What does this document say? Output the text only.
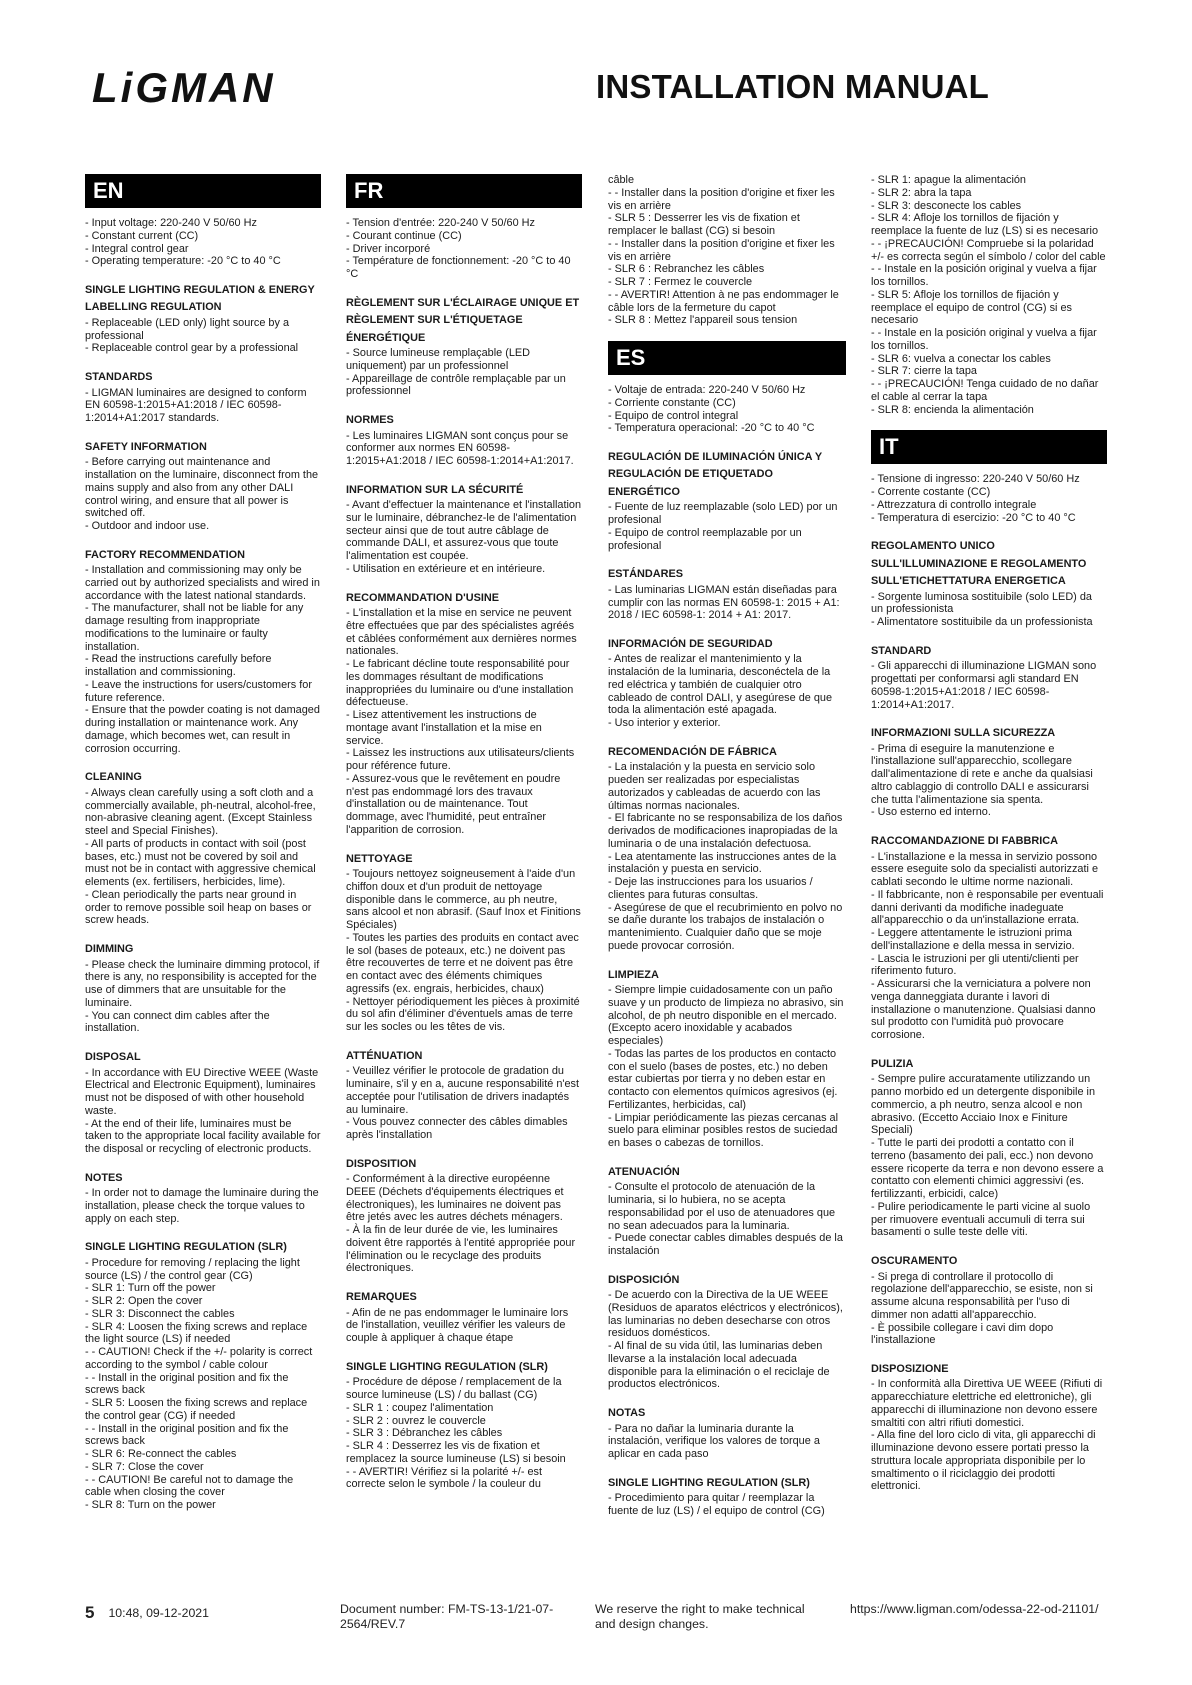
LiGMAN	INSTALLATION MANUAL
EN
- Input voltage: 220-240 V 50/60 Hz
- Constant current (CC)
- Integral control gear
- Operating temperature: -20 °C to 40 °C
SINGLE LIGHTING REGULATION & ENERGY LABELLING REGULATION
- Replaceable (LED only) light source by a professional
- Replaceable control gear by a professional
STANDARDS
- LIGMAN luminaires are designed to conform EN 60598-1:2015+A1:2018 / IEC 60598-1:2014+A1:2017 standards.
SAFETY INFORMATION
- Before carrying out maintenance and installation on the luminaire, disconnect from the mains supply and also from any other DALI control wiring, and ensure that all power is switched off.
- Outdoor and indoor use.
FACTORY RECOMMENDATION
- Installation and commissioning may only be carried out by authorized specialists and wired in accordance with the latest national standards.
- The manufacturer, shall not be liable for any damage resulting from inappropriate modifications to the luminaire or faulty installation.
- Read the instructions carefully before installation and commissioning.
- Leave the instructions for users/customers for future reference.
- Ensure that the powder coating is not damaged during installation or maintenance work. Any damage, which becomes wet, can result in corrosion occurring.
CLEANING
- Always clean carefully using a soft cloth and a commercially available, ph-neutral, alcohol-free, non-abrasive cleaning agent. (Except Stainless steel and Special Finishes).
- All parts of products in contact with soil (post bases, etc.) must not be covered by soil and must not be in contact with aggressive chemical elements (ex. fertilisers, herbicides, lime).
- Clean periodically the parts near ground in order to remove possible soil heap on bases or screw heads.
DIMMING
- Please check the luminaire dimming protocol, if there is any, no responsibility is accepted for the use of dimmers that are unsuitable for the luminaire.
- You can connect dim cables after the installation.
DISPOSAL
- In accordance with EU Directive WEEE (Waste Electrical and Electronic Equipment), luminaires must not be disposed of with other household waste.
- At the end of their life, luminaires must be taken to the appropriate local facility available for the disposal or recycling of electronic products.
NOTES
- In order not to damage the luminaire during the installation, please check the torque values to apply on each step.
SINGLE LIGHTING REGULATION (SLR)
- Procedure for removing / replacing the light source (LS) / the control gear (CG)
- SLR 1: Turn off the power
- SLR 2: Open the cover
- SLR 3: Disconnect the cables
- SLR 4: Loosen the fixing screws and replace the light source (LS) if needed
- - CAUTION! Check if the +/- polarity is correct according to the symbol / cable colour
- - Install in the original position and fix the screws back
- SLR 5: Loosen the fixing screws and replace the control gear (CG) if needed
- - Install in the original position and fix the screws back
- SLR 6: Re-connect the cables
- SLR 7: Close the cover
- - CAUTION! Be careful not to damage the cable when closing the cover
- SLR 8: Turn on the power
FR
- Tension d'entrée: 220-240 V 50/60 Hz
- Courant continue (CC)
- Driver incorporé
- Température de fonctionnement: -20 °C to 40 °C
RÈGLEMENT SUR L'ÉCLAIRAGE UNIQUE ET RÈGLEMENT SUR L'ÉTIQUETAGE ÉNERGÉTIQUE
- Source lumineuse remplaçable (LED uniquement) par un professionnel
- Appareillage de contrôle remplaçable par un professionnel
NORMES
- Les luminaires LIGMAN sont conçus pour se conformer aux normes EN 60598-1:2015+A1:2018 / IEC 60598-1:2014+A1:2017.
INFORMATION SUR LA SÉCURITÉ
- Avant d'effectuer la maintenance et l'installation sur le luminaire, débranchez-le de l'alimentation secteur ainsi que de tout autre câblage de commande DALI, et assurez-vous que toute l'alimentation est coupée.
- Utilisation en extérieure et en intérieure.
RECOMMANDATION D'USINE
- L'installation et la mise en service ne peuvent être effectuées que par des spécialistes agréés et câblées conformément aux dernières normes nationales.
- Le fabricant décline toute responsabilité pour les dommages résultant de modifications inappropriées du luminaire ou d'une installation défectueuse.
- Lisez attentivement les instructions de montage avant l'installation et la mise en service.
- Laissez les instructions aux utilisateurs/clients pour référence future.
- Assurez-vous que le revêtement en poudre n'est pas endommagé lors des travaux d'installation ou de maintenance. Tout dommage, avec l'humidité, peut entraîner l'apparition de corrosion.
NETTOYAGE
- Toujours nettoyez soigneusement à l'aide d'un chiffon doux et d'un produit de nettoyage disponible dans le commerce, au ph neutre, sans alcool et non abrasif. (Sauf Inox et Finitions Spéciales)
- Toutes les parties des produits en contact avec le sol (bases de poteaux, etc.) ne doivent pas être recouvertes de terre et ne doivent pas être en contact avec des éléments chimiques agressifs (ex. engrais, herbicides, chaux)
- Nettoyer périodiquement les pièces à proximité du sol afin d'éliminer d'éventuels amas de terre sur les socles ou les têtes de vis.
ATTÉNUATION
- Veuillez vérifier le protocole de gradation du luminaire, s'il y en a, aucune responsabilité n'est acceptée pour l'utilisation de drivers inadaptés au luminaire.
- Vous pouvez connecter des câbles dimables après l'installation
DISPOSITION
- Conformément à la directive européenne DEEE (Déchets d'équipements électriques et électroniques), les luminaires ne doivent pas être jetés avec les autres déchets ménagers.
- À la fin de leur durée de vie, les luminaires doivent être rapportés à l'entité appropriée pour l'élimination ou le recyclage des produits électroniques.
REMARQUES
- Afin de ne pas endommager le luminaire lors de l'installation, veuillez vérifier les valeurs de couple à appliquer à chaque étape
SINGLE LIGHTING REGULATION (SLR)
- Procédure de dépose / remplacement de la source lumineuse (LS) / du ballast (CG)
- SLR 1 : coupez l'alimentation
- SLR 2 : ouvrez le couvercle
- SLR 3 : Débranchez les câbles
- SLR 4 : Desserrez les vis de fixation et remplacez la source lumineuse (LS) si besoin
- - AVERTIR! Vérifiez si la polarité +/- est correcte selon le symbole / la couleur du
câble
- - Installer dans la position d'origine et fixer les vis en arrière
- SLR 5 : Desserrer les vis de fixation et remplacer le ballast (CG) si besoin
- - Installer dans la position d'origine et fixer les vis en arrière
- SLR 6 : Rebranchez les câbles
- SLR 7 : Fermez le couvercle
- - AVERTIR! Attention à ne pas endommager le câble lors de la fermeture du capot
- SLR 8 : Mettez l'appareil sous tension
ES
- Voltaje de entrada: 220-240 V 50/60 Hz
- Corriente constante (CC)
- Equipo de control integral
- Temperatura operacional: -20 °C to 40 °C
REGULACIÓN DE ILUMINACIÓN ÚNICA Y REGULACIÓN DE ETIQUETADO ENERGÉTICO
- Fuente de luz reemplazable (solo LED) por un profesional
- Equipo de control reemplazable por un profesional
ESTÁNDARES
- Las luminarias LIGMAN están diseñadas para cumplir con las normas EN 60598-1: 2015 + A1: 2018 / IEC 60598-1: 2014 + A1: 2017.
INFORMACIÓN DE SEGURIDAD
- Antes de realizar el mantenimiento y la instalación de la luminaria, desconéctela de la red eléctrica y también de cualquier otro cableado de control DALI, y asegúrese de que toda la alimentación esté apagada.
- Uso interior y exterior.
RECOMENDACIÓN DE FÁBRICA
- La instalación y la puesta en servicio solo pueden ser realizadas por especialistas autorizados y cableadas de acuerdo con las últimas normas nacionales.
- El fabricante no se responsabiliza de los daños derivados de modificaciones inapropiadas de la luminaria o de una instalación defectuosa.
- Lea atentamente las instrucciones antes de la instalación y puesta en servicio.
- Deje las instrucciones para los usuarios / clientes para futuras consultas.
- Asegúrese de que el recubrimiento en polvo no se dañe durante los trabajos de instalación o mantenimiento. Cualquier daño que se moje puede provocar corrosión.
LIMPIEZA
- Siempre limpie cuidadosamente con un paño suave y un producto de limpieza no abrasivo, sin alcohol, de ph neutro disponible en el mercado. (Excepto acero inoxidable y acabados especiales)
- Todas las partes de los productos en contacto con el suelo (bases de postes, etc.) no deben estar cubiertas por tierra y no deben estar en contacto con elementos químicos agresivos (ej. Fertilizantes, herbicidas, cal)
- Limpiar periódicamente las piezas cercanas al suelo para eliminar posibles restos de suciedad en bases o cabezas de tornillos.
ATENUACIÓN
- Consulte el protocolo de atenuación de la luminaria, si lo hubiera, no se acepta responsabilidad por el uso de atenuadores que no sean adecuados para la luminaria.
- Puede conectar cables dimables después de la instalación
DISPOSICIÓN
- De acuerdo con la Directiva de la UE WEEE (Residuos de aparatos eléctricos y electrónicos), las luminarias no deben desecharse con otros residuos domésticos.
- Al final de su vida útil, las luminarias deben llevarse a la instalación local adecuada disponible para la eliminación o el reciclaje de productos electrónicos.
NOTAS
- Para no dañar la luminaria durante la instalación, verifique los valores de torque a aplicar en cada paso
SINGLE LIGHTING REGULATION (SLR)
- Procedimiento para quitar / reemplazar la fuente de luz (LS) / el equipo de control (CG)
- SLR 1: apague la alimentación
- SLR 2: abra la tapa
- SLR 3: desconecte los cables
- SLR 4: Afloje los tornillos de fijación y reemplace la fuente de luz (LS) si es necesario
- - ¡PRECAUCIÓN! Compruebe si la polaridad +/- es correcta según el símbolo / color del cable
- - Instale en la posición original y vuelva a fijar los tornillos.
- SLR 5: Afloje los tornillos de fijación y reemplace el equipo de control (CG) si es necesario
- - Instale en la posición original y vuelva a fijar los tornillos.
- SLR 6: vuelva a conectar los cables
- SLR 7: cierre la tapa
- - ¡PRECAUCIÓN! Tenga cuidado de no dañar el cable al cerrar la tapa
- SLR 8: encienda la alimentación
IT
- Tensione di ingresso: 220-240 V 50/60 Hz
- Corrente costante (CC)
- Attrezzatura di controllo integrale
- Temperatura di esercizio: -20 °C to 40 °C
REGOLAMENTO UNICO SULL'ILLUMINAZIONE E REGOLAMENTO SULL'ETICHETTATURA ENERGETICA
- Sorgente luminosa sostituibile (solo LED) da un professionista
- Alimentatore sostituibile da un professionista
STANDARD
- Gli apparecchi di illuminazione LIGMAN sono progettati per conformarsi agli standard EN 60598-1:2015+A1:2018 / IEC 60598-1:2014+A1:2017.
INFORMAZIONI SULLA SICUREZZA
- Prima di eseguire la manutenzione e l'installazione sull'apparecchio, scollegare dall'alimentazione di rete e anche da qualsiasi altro cablaggio di controllo DALI e assicurarsi che tutta l'alimentazione sia spenta.
- Uso esterno ed interno.
RACCOMANDAZIONE DI FABBRICA
- L'installazione e la messa in servizio possono essere eseguite solo da specialisti autorizzati e cablati secondo le ultime norme nazionali.
- Il fabbricante, non è responsabile per eventuali danni derivanti da modifiche inadeguate all'apparecchio o da un'installazione errata.
- Leggere attentamente le istruzioni prima dell'installazione e della messa in servizio.
- Lascia le istruzioni per gli utenti/clienti per riferimento futuro.
- Assicurarsi che la verniciatura a polvere non venga danneggiata durante i lavori di installazione o manutenzione. Qualsiasi danno sul prodotto con l'umidità può provocare corrosione.
PULIZIA
- Sempre pulire accuratamente utilizzando un panno morbido ed un detergente disponibile in commercio, a ph neutro, senza alcool e non abrasivo. (Eccetto Acciaio Inox e Finiture Speciali)
- Tutte le parti dei prodotti a contatto con il terreno (basamento dei pali, ecc.) non devono essere ricoperte da terra e non devono essere a contatto con elementi chimici aggressivi (es. fertilizzanti, erbicidi, calce)
- Pulire periodicamente le parti vicine al suolo per rimuovere eventuali accumuli di terra sui basamenti o sulle teste delle viti.
OSCURAMENTO
- Si prega di controllare il protocollo di regolazione dell'apparecchio, se esiste, non si assume alcuna responsabilità per l'uso di dimmer non adatti all'apparecchio.
- È possibile collegare i cavi dim dopo l'installazione
DISPOSIZIONE
- In conformità alla Direttiva UE WEEE (Rifiuti di apparecchiature elettriche ed elettroniche), gli apparecchi di illuminazione non devono essere smaltiti con altri rifiuti domestici.
- Alla fine del loro ciclo di vita, gli apparecchi di illuminazione devono essere portati presso la struttura locale appropriata disponibile per lo smaltimento o il riciclaggio dei prodotti elettronici.
5 10:48, 09-12-2021	Document number: FM-TS-13-1/21-07-2564/REV.7
We reserve the right to make technical and design changes.
https://www.ligman.com/odessa-22-od-21101/
